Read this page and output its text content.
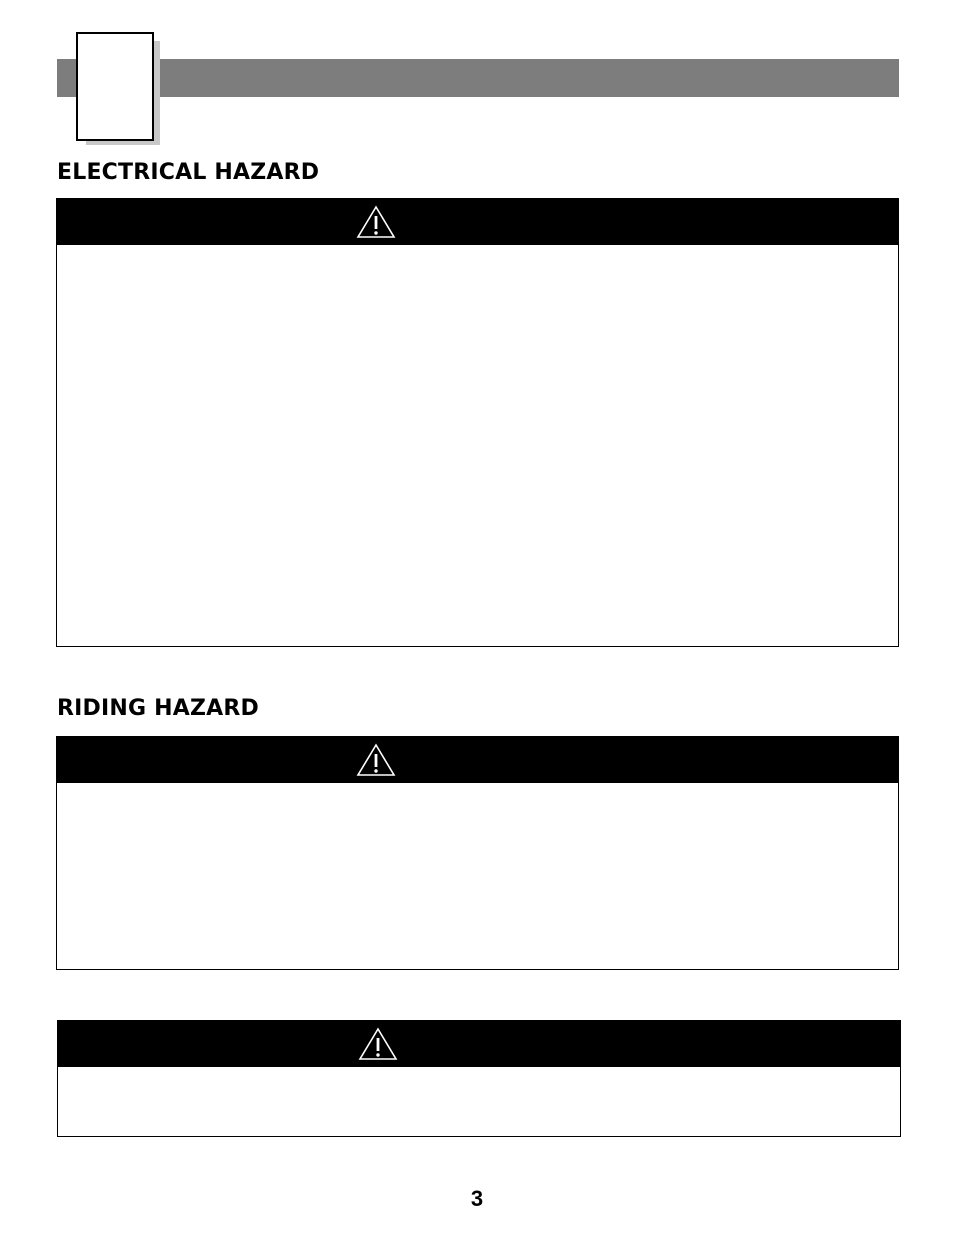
ELECTRICAL HAZARD
RIDING HAZARD
3
